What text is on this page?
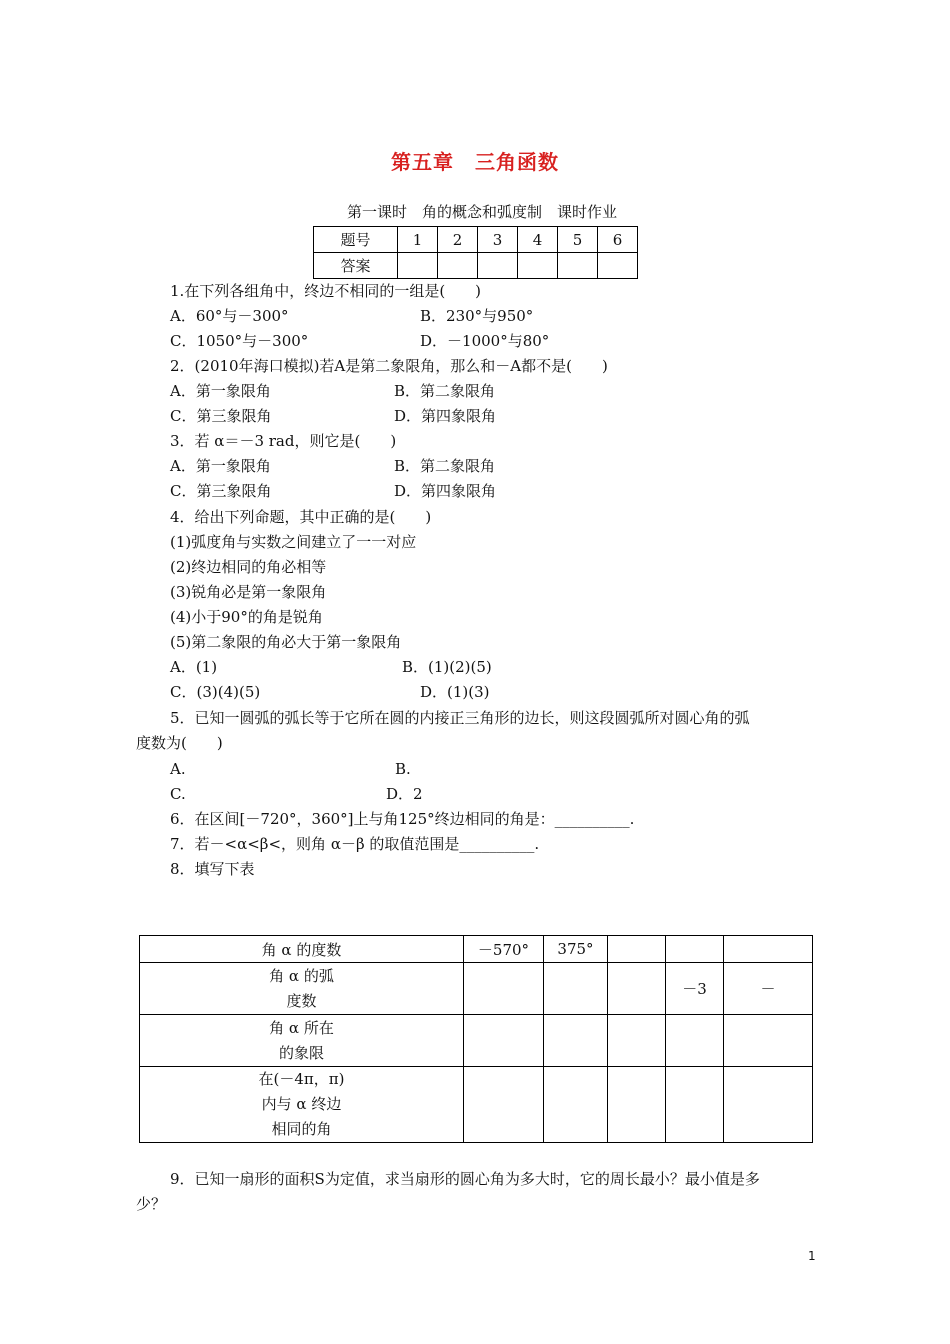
第五章　三角函数
第一课时　角的概念和弧度制　课时作业
题号	1	2	3	4	5	6
答案						
1.在下列各组角中，终边不相同的一组是(　　)
A．60°与－300°	B．230°与950°
C．1050°与－300°	D．－1000°与80°
2．(2010年海口模拟)若A是第二象限角，那么和－A都不是(　　)
A．第一象限角	B．第二象限角
C．第三象限角	D．第四象限角
3．若 α＝－3 rad，则它是(　　)
A．第一象限角	B．第二象限角
C．第三象限角	D．第四象限角
4．给出下列命题，其中正确的是(　　)
(1)弧度角与实数之间建立了一一对应
(2)终边相同的角必相等
(3)锐角必是第一象限角
(4)小于90°的角是锐角
(5)第二象限的角必大于第一象限角
A．(1)	B．(1)(2)(5)
C．(3)(4)(5)	D．(1)(3)
　5．已知一圆弧的弧长等于它所在圆的内接正三角形的边长，则这段圆弧所对圆心角的弧
度数为(　　)
A.	B.
C.	D．2
　6．在区间[－720°，360°]上与角125°终边相同的角是：__________.
　7．若－<α<β<，则角 α－β 的取值范围是__________.
　8．填写下表
角 α 的度数	－570°	375°			

角 α 的弧
度数				－3	－

角 α 所在
的象限					

在(－4π，π)
内与 α 终边
相同的角					

　9．已知一扇形的面积S为定值，求当扇形的圆心角为多大时，它的周长最小？最小值是多
少？
1
